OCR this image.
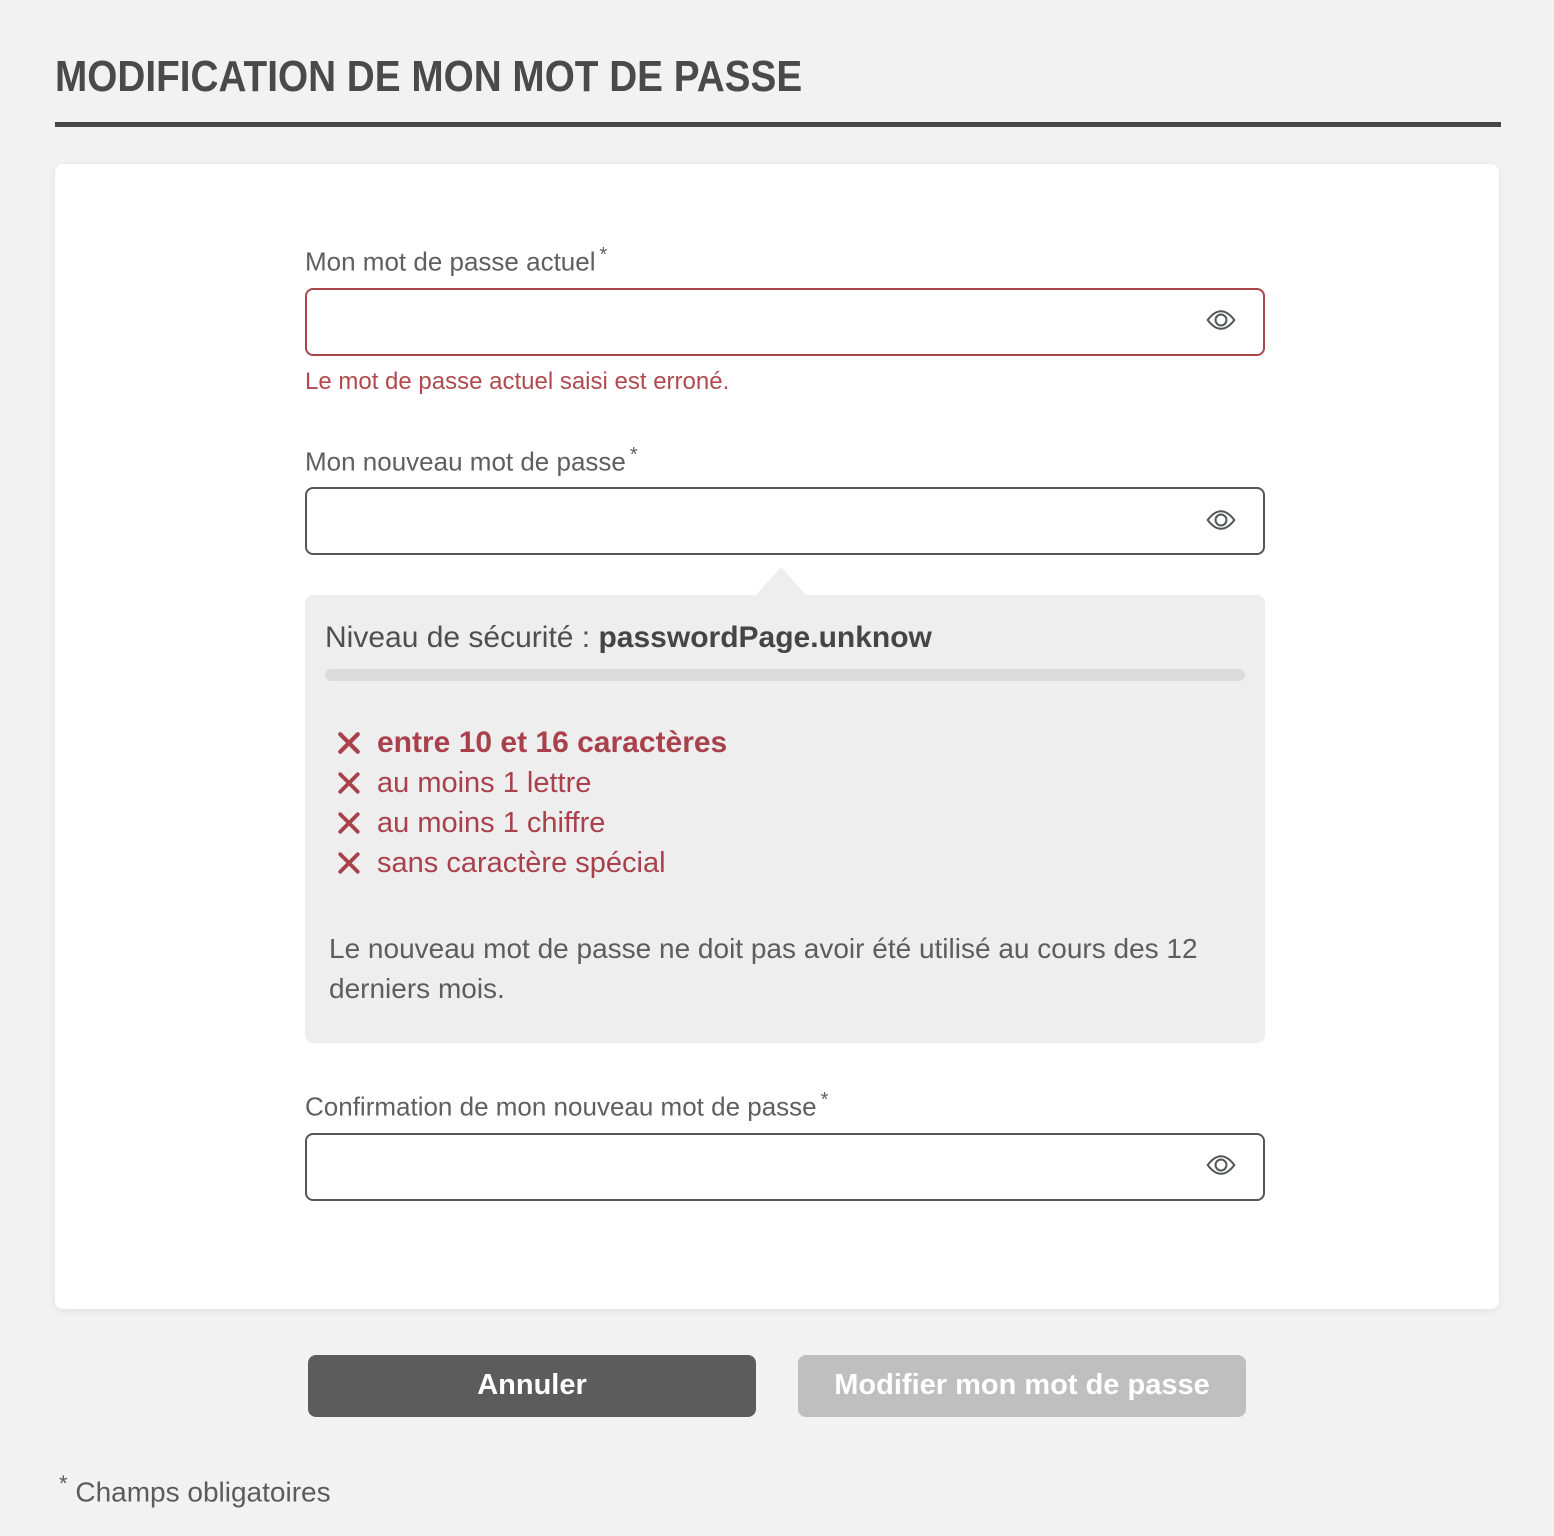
MODIFICATION DE MON MOT DE PASSE
Mon mot de passe actuel *
Le mot de passe actuel saisi est erroné.
Mon nouveau mot de passe *
Niveau de sécurité : passwordPage.unknow
entre 10 et 16 caractères
au moins 1 lettre
au moins 1 chiffre
sans caractère spécial
Le nouveau mot de passe ne doit pas avoir été utilisé au cours des 12 derniers mois.
Confirmation de mon nouveau mot de passe *
Annuler	Modifier mon mot de passe
* Champs obligatoires
